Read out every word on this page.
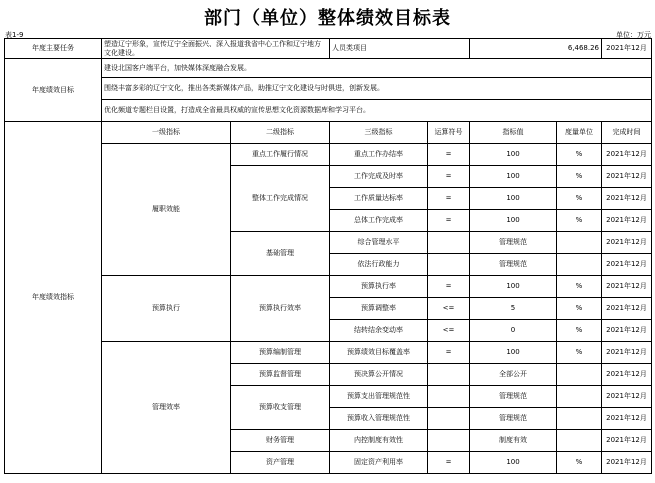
部门（单位）整体绩效目标表
表1-9	单位：万元
年度主要任务	塑造辽宁形象，宣传辽宁全面振兴、深入报道我省中心工作和辽宁地方文化建设。		人员类项目		6,468.26		2021年12月
年度绩效目标	建设北国客户端平台，加快媒体深度融合发展。						
	围绕丰富多彩的辽宁文化，推出各类新媒体产品，助推辽宁文化建设与时俱进，创新发展。						
	优化频道专题栏目设置，打造成全省最具权威的宣传思想文化资源数据库和学习平台。						
年度绩效指标	一级指标	二级指标	三级指标	运算符号	指标值	度量单位	完成时间
	履职效能	重点工作履行情况	重点工作办结率	=	100	%	2021年12月
		整体工作完成情况	工作完成及时率	=	100	%	2021年12月
			工作质量达标率	=	100	%	2021年12月
			总体工作完成率	=	100	%	2021年12月
		基础管理	综合管理水平		管理规范		2021年12月
			依法行政能力		管理规范		2021年12月
	预算执行	预算执行效率	预算执行率	=	100	%	2021年12月
			预算调整率	<=	5	%	2021年12月
			结转结余变动率	<=	0	%	2021年12月
	管理效率	预算编制管理	预算绩效目标覆盖率	=	100	%	2021年12月
		预算监督管理	预决算公开情况		全部公开		2021年12月
		预算收支管理	预算支出管理规范性		管理规范		2021年12月
			预算收入管理规范性		管理规范		2021年12月
		财务管理	内控制度有效性		制度有效		2021年12月
		资产管理	固定资产利用率	=	100	%	2021年12月
